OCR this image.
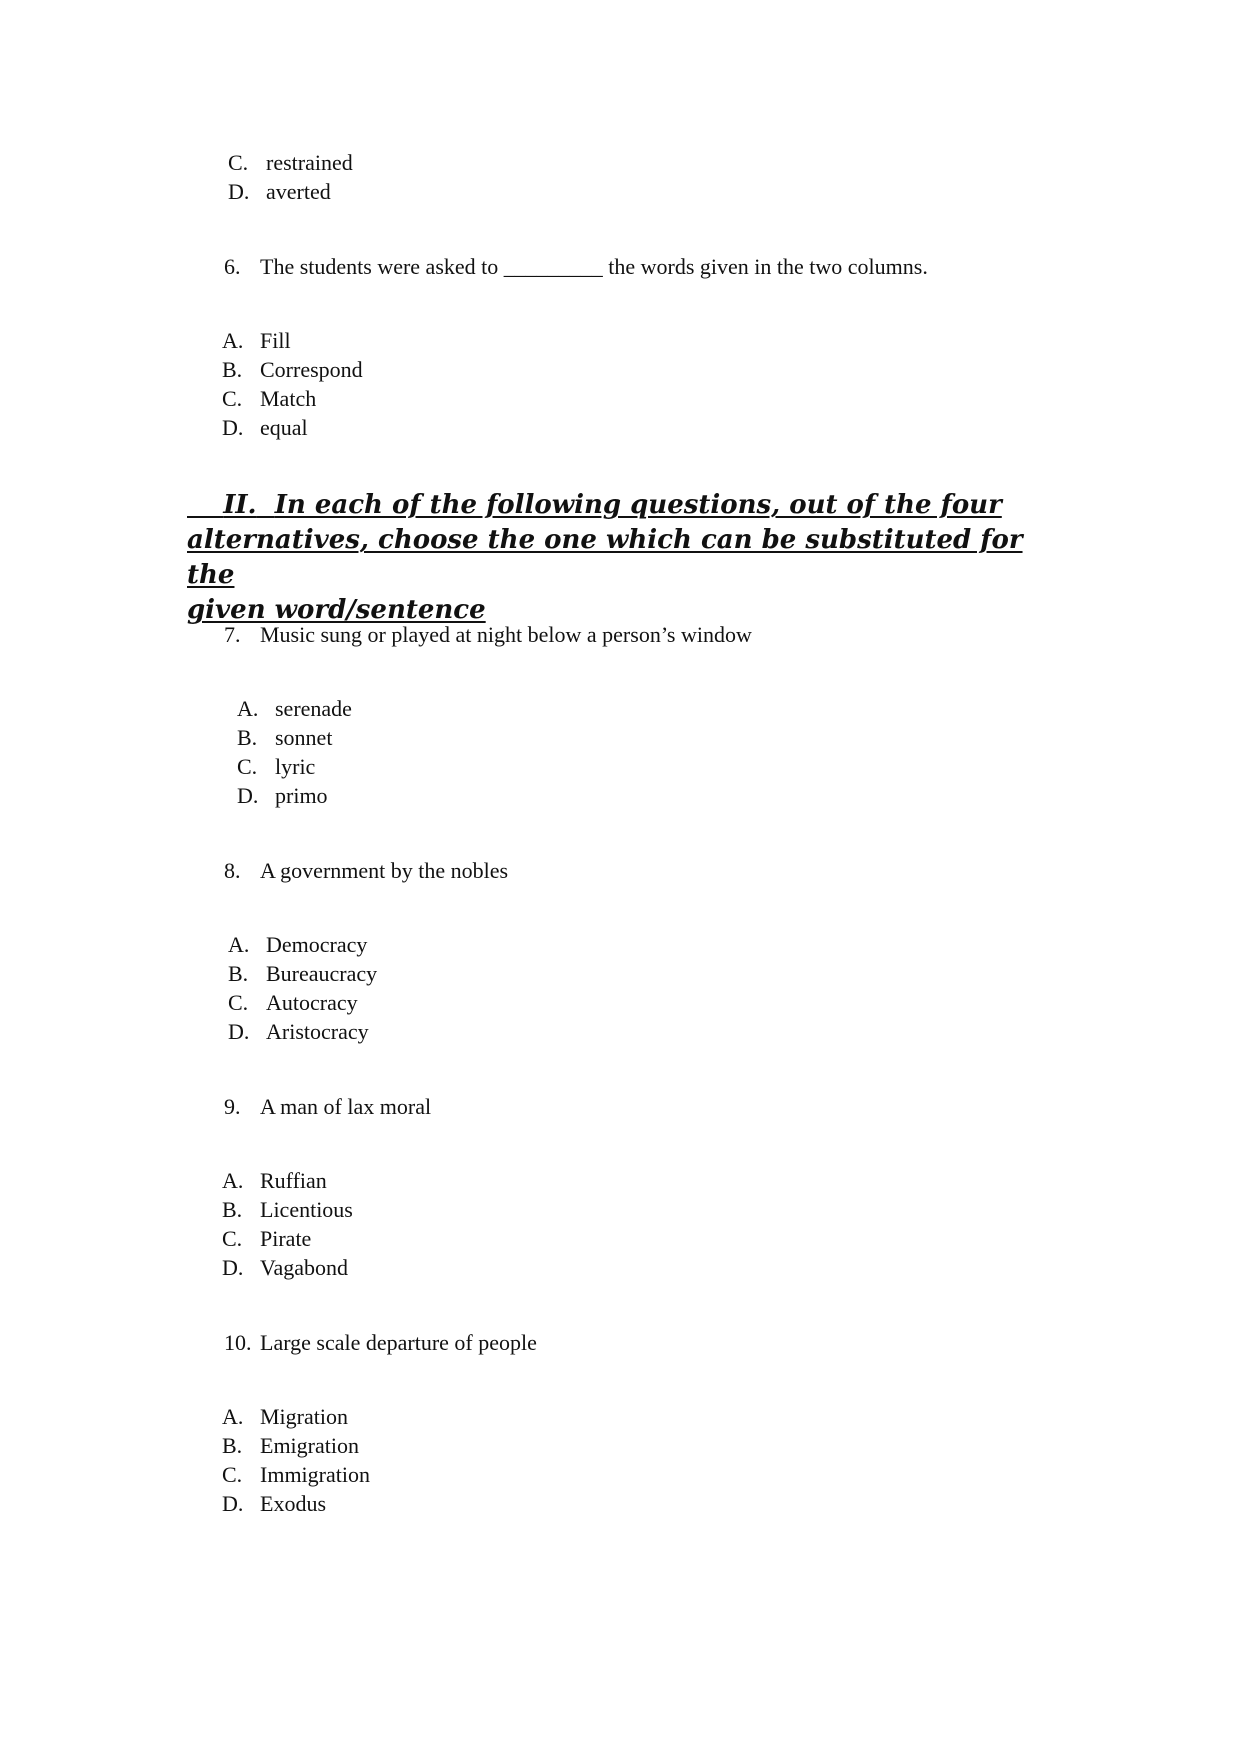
C. restrained
D. averted
6. The students were asked to _________ the words given in the two columns.
A. Fill
B. Correspond
C. Match
D. equal
II. In each of the following questions, out of the four
alternatives, choose the one which can be substituted for the
given word/sentence
7. Music sung or played at night below a person’s window
A. serenade
B. sonnet
C. lyric
D. primo
8. A government by the nobles
A. Democracy
B. Bureaucracy
C. Autocracy
D. Aristocracy
9. A man of lax moral
A. Ruffian
B. Licentious
C. Pirate
D. Vagabond
10. Large scale departure of people
A. Migration
B. Emigration
C. Immigration
D. Exodus
